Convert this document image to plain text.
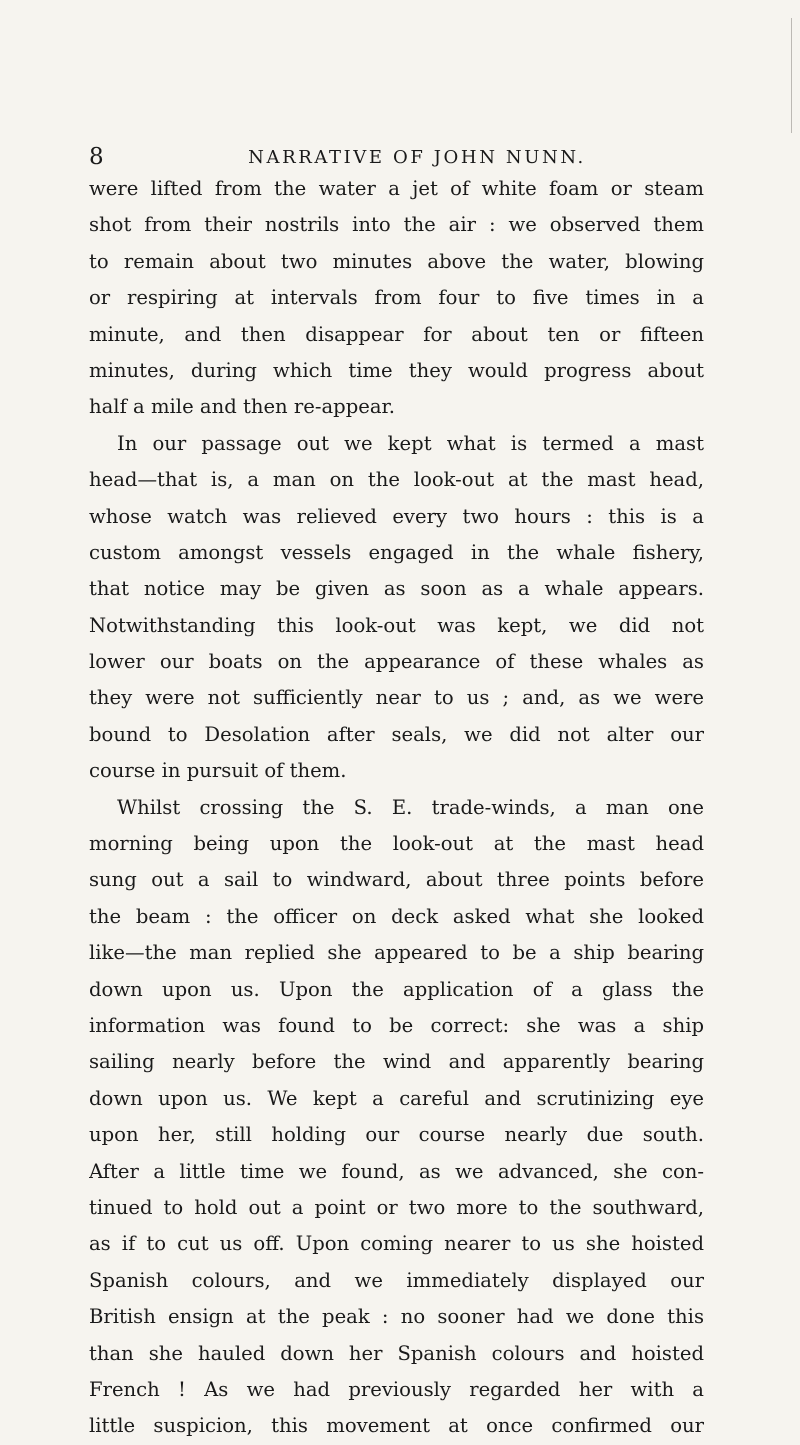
8	NARRATIVE OF JOHN NUNN.
were lifted from the water a jet of white foam or steam
shot from their nostrils into the air : we observed them
to remain about two minutes above the water, blowing
or respiring at intervals from four to five times in a
minute, and then disappear for about ten or fifteen
minutes, during which time they would progress about
half a mile and then re-appear.
In our passage out we kept what is termed a mast
head—that is, a man on the look-out at the mast head,
whose watch was relieved every two hours : this is a
custom amongst vessels engaged in the whale fishery,
that notice may be given as soon as a whale appears.
Notwithstanding this look-out was kept, we did not
lower our boats on the appearance of these whales as
they were not sufficiently near to us ; and, as we were
bound to Desolation after seals, we did not alter our
course in pursuit of them.
Whilst crossing the S. E. trade-winds, a man one
morning being upon the look-out at the mast head
sung out a sail to windward, about three points before
the beam : the officer on deck asked what she looked
like—the man replied she appeared to be a ship bearing
down upon us. Upon the application of a glass the
information was found to be correct: she was a ship
sailing nearly before the wind and apparently bearing
down upon us. We kept a careful and scrutinizing eye
upon her, still holding our course nearly due south.
After a little time we found, as we advanced, she con-
tinued to hold out a point or two more to the southward,
as if to cut us off. Upon coming nearer to us she hoisted
Spanish colours, and we immediately displayed our
British ensign at the peak : no sooner had we done this
than she hauled down her Spanish colours and hoisted
French ! As we had previously regarded her with a
little suspicion, this movement at once confirmed our
